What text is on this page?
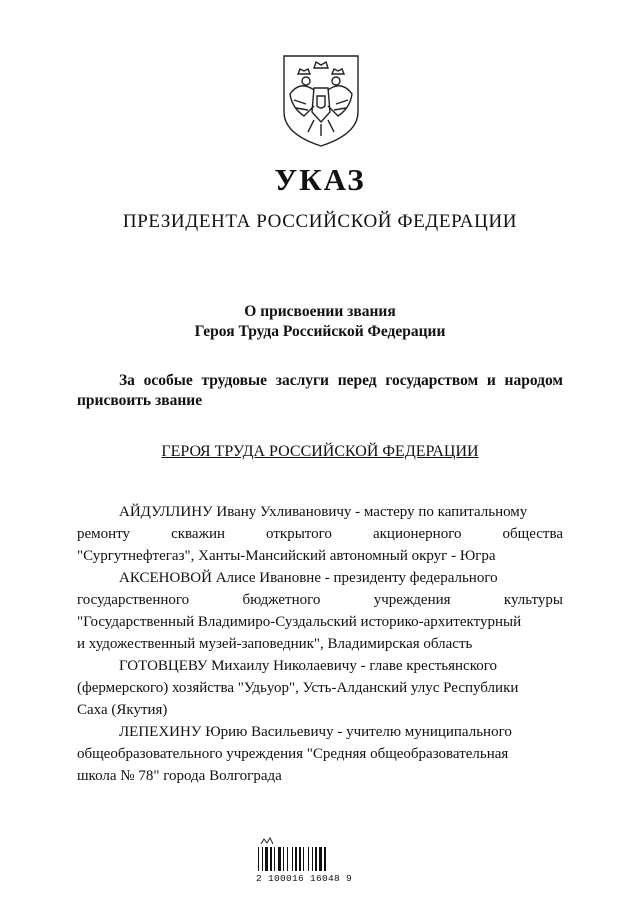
УКАЗ
ПРЕЗИДЕНТА РОССИЙСКОЙ ФЕДЕРАЦИИ
О присвоении звания
Героя Труда Российской Федерации
За особые трудовые заслуги перед государством и народом
присвоить звание
ГЕРОЯ ТРУДА РОССИЙСКОЙ ФЕДЕРАЦИИ

АЙДУЛЛИНУ Ивану Ухливановичу - мастеру по капитальному
ремонту скважин открытого акционерного общества
"Сургутнефтегаз", Ханты-Мансийский автономный округ - Югра

АКСЕНОВОЙ Алисе Ивановне - президенту федерального
государственного бюджетного учреждения культуры
"Государственный Владимиро-Суздальский историко-архитектурный
и художественный музей-заповедник", Владимирская область

ГОТОВЦЕВУ Михаилу Николаевичу - главе крестьянского
(фермерского) хозяйства "Удьуор", Усть-Алданский улус Республики
Саха (Якутия)

ЛЕПЕХИНУ Юрию Васильевичу - учителю муниципального
общеобразовательного учреждения "Средняя общеобразовательная
школа № 78" города Волгограда

2 100016 16048 9
